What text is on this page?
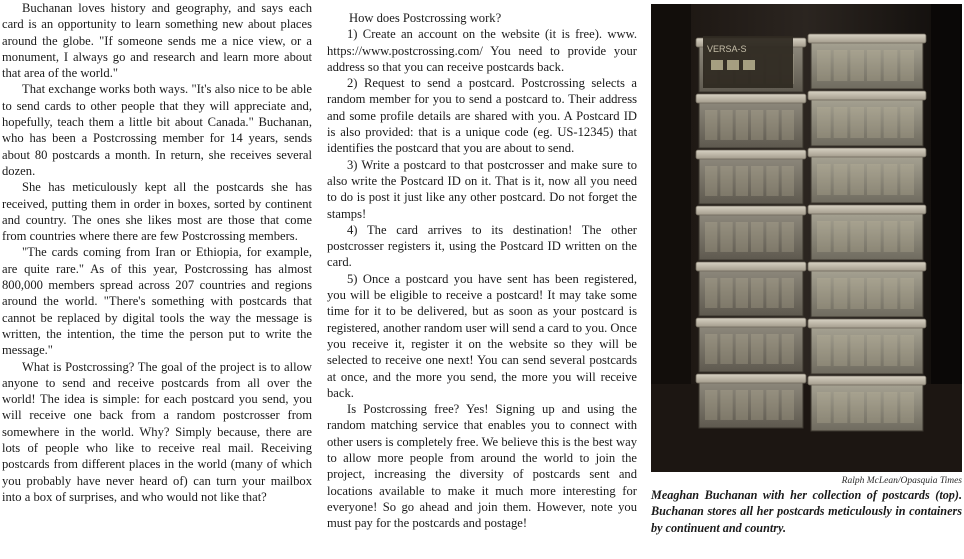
Buchanan loves history and geography, and says each card is an opportunity to learn something new about places around the globe. "If someone sends me a nice view, or a monument, I always go and research and learn more about that area of the world."

That exchange works both ways. "It's also nice to be able to send cards to other people that they will appreciate and, hopefully, teach them a little bit about Canada." Buchanan, who has been a Postcrossing member for 14 years, sends about 80 postcards a month. In return, she receives several dozen.

She has meticulously kept all the postcards she has received, putting them in order in boxes, sorted by continent and country. The ones she likes most are those that come from countries where there are few Postcrossing members.

"The cards coming from Iran or Ethiopia, for example, are quite rare." As of this year, Postcrossing has almost 800,000 members spread across 207 countries and regions around the world. "There's something with postcards that cannot be replaced by digital tools the way the message is written, the intention, the time the person put to write the message."

What is Postcrossing? The goal of the project is to allow anyone to send and receive postcards from all over the world! The idea is simple: for each postcard you send, you will receive one back from a random postcrosser from somewhere in the world. Why? Simply because, there are lots of people who like to receive real mail. Receiving postcards from different places in the world (many of which you probably have never heard of) can turn your mailbox into a box of surprises, and who would not like that?

How does Postcrossing work?

1) Create an account on the website (it is free). www. https://www.postcrossing.com/ You need to provide your address so that you can receive postcards back.

2) Request to send a postcard. Postcrossing selects a random member for you to send a postcard to. Their address and some profile details are shared with you. A Postcard ID is also provided: that is a unique code (eg. US-12345) that identifies the postcard that you are about to send.

3) Write a postcard to that postcrosser and make sure to also write the Postcard ID on it. That is it, now all you need to do is post it just like any other postcard. Do not forget the stamps!

4) The card arrives to its destination! The other postcrosser registers it, using the Postcard ID written on the card.

5) Once a postcard you have sent has been registered, you will be eligible to receive a postcard! It may take some time for it to be delivered, but as soon as your postcard is registered, another random user will send a card to you. Once you receive it, register it on the website so they will be selected to receive one next! You can send several postcards at once, and the more you send, the more you will receive back.

Is Postcrossing free? Yes! Signing up and using the random matching service that enables you to connect with other users is completely free. We believe this is the best way to allow more people from around the world to join the project, increasing the diversity of postcards sent and locations available to make it much more interesting for everyone! So go ahead and join them. However, note you must pay for the postcards and postage!

VERSA-S
Ralph McLean/Opasquia Times
Meaghan Buchanan with her collection of postcards (top). Buchanan stores all her postcards meticulously in containers by continuent and country.
